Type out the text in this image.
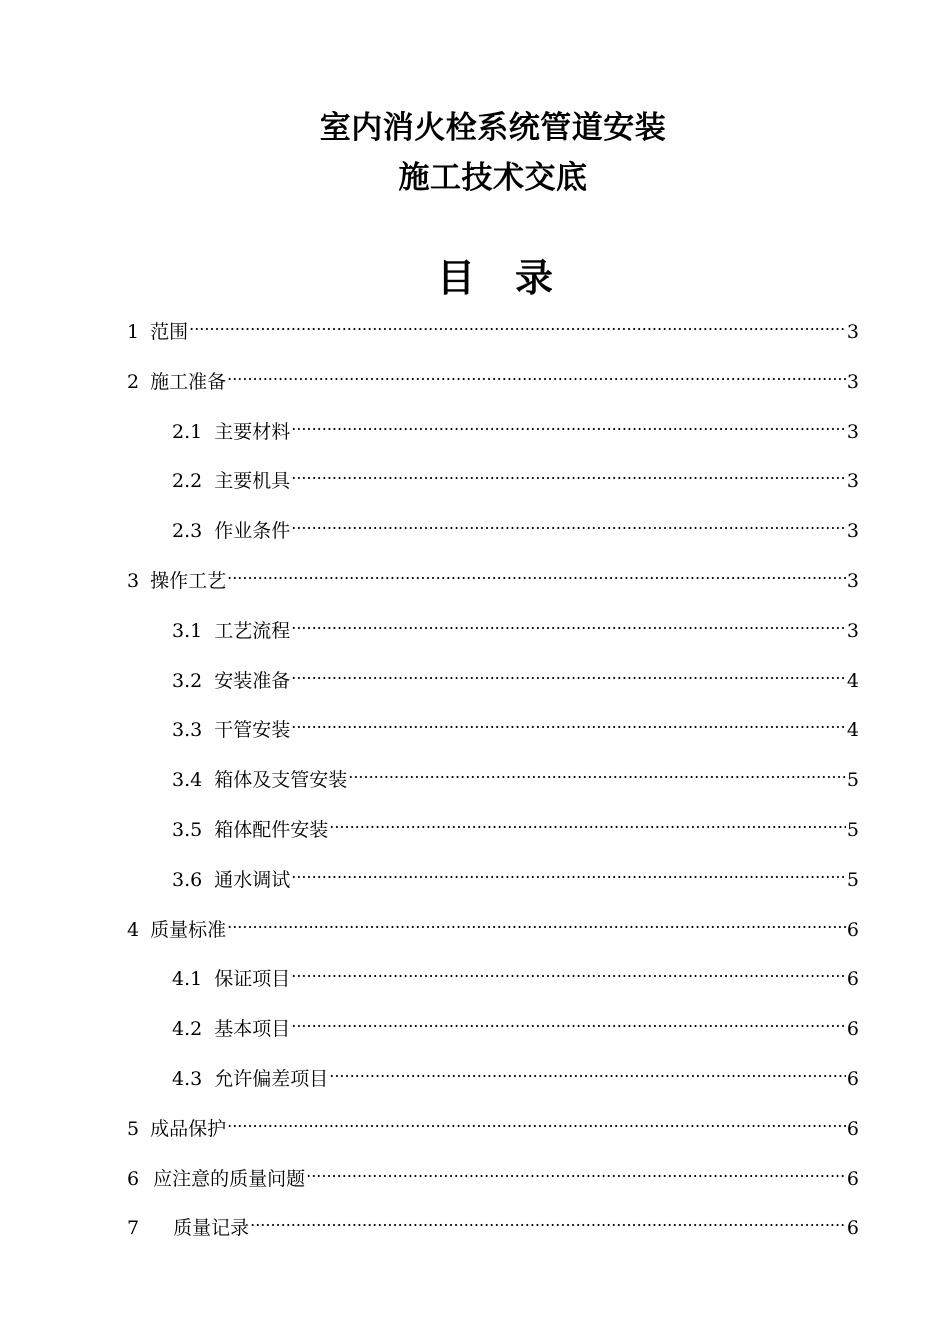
室内消火栓系统管道安装
施工技术交底
目 录
1 范围 .....	3
2 施工准备 .....	3
2.1 主要材料 .....	3
2.2 主要机具 .....	3
2.3 作业条件 .....	3
3 操作工艺 .....	3
3.1 工艺流程 .....	3
3.2 安装准备 .....	4
3.3 干管安装 .....	4
3.4 箱体及支管安装 .....	5
3.5 箱体配件安装 .....	5
3.6 通水调试 .....	5
4 质量标准 .....	6
4.1 保证项目 .....	6
4.2 基本项目 .....	6
4.3 允许偏差项目 .....	6
5 成品保护 .....	6
6 应注意的质量问题 .....	6
7 质量记录 .....	6
